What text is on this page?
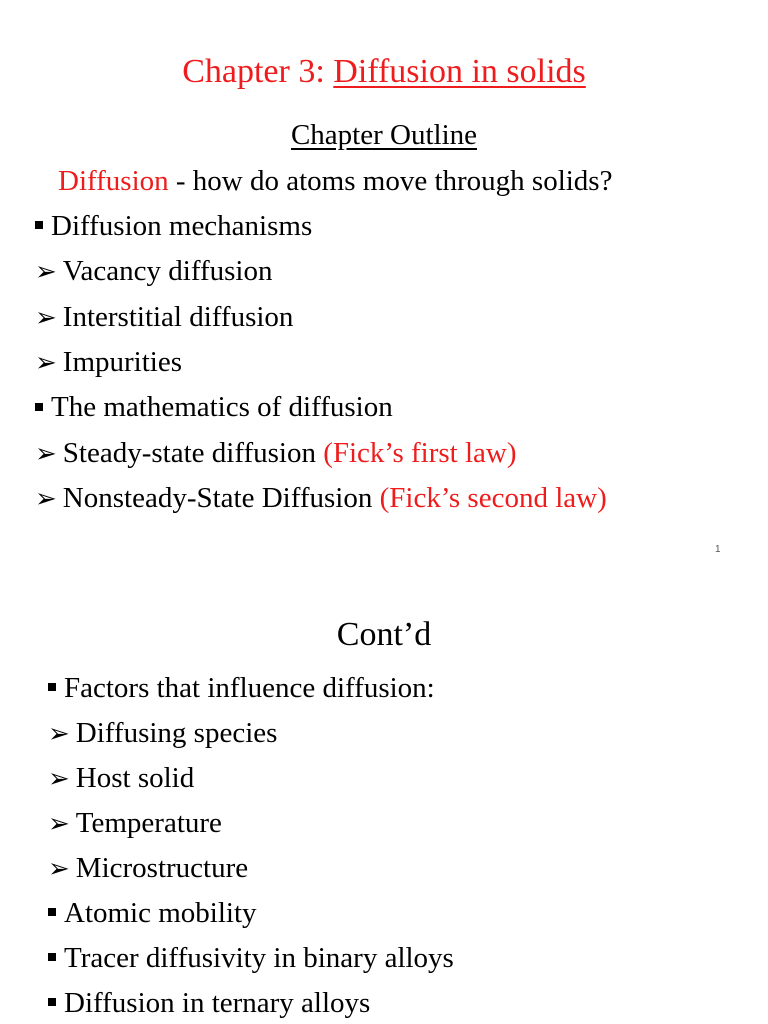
Chapter 3: Diffusion in solids
Chapter Outline
Diffusion - how do atoms move through solids?
Diffusion mechanisms
➢ Vacancy diffusion
➢ Interstitial diffusion
➢ Impurities
The mathematics of diffusion
➢ Steady-state diffusion (Fick’s first law)
➢ Nonsteady-State Diffusion (Fick’s second law)
1
Cont’d
Factors that influence diffusion:
➢ Diffusing species
➢ Host solid
➢ Temperature
➢ Microstructure
Atomic mobility
Tracer diffusivity in binary alloys
Diffusion in ternary alloys
